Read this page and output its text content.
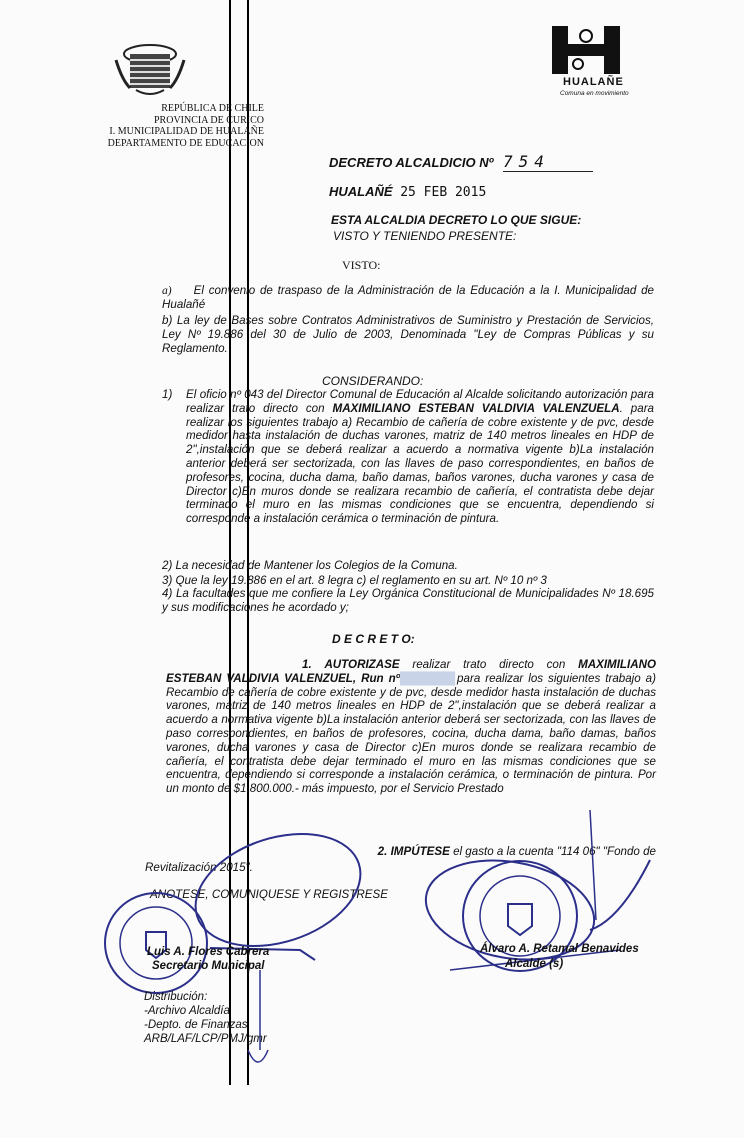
HUALAÑE
Comuna en movimiento
REPÚBLICA DE CHILE
PROVINCIA DE CURICO
I. MUNICIPALIDAD DE HUALAÑE
DEPARTAMENTO DE EDUCACION
DECRETO ALCALDICIO Nº 754
HUALAÑÉ 25 FEB 2015
ESTA ALCALDIA DECRETO LO QUE SIGUE:
VISTO Y TENIENDO PRESENTE:
VISTO:
a) El convenio de traspaso de la Administración de la Educación a la I. Municipalidad de Hualañé
b) La ley de Bases sobre Contratos Administrativos de Suministro y Prestación de Servicios, Ley Nº 19.886 del 30 de Julio de 2003, Denominada "Ley de Compras Públicas y su Reglamento.
CONSIDERANDO:
1) El oficio nº 043 del Director Comunal de Educación al Alcalde solicitando autorización para realizar trato directo con MAXIMILIANO ESTEBAN VALDIVIA VALENZUELA. para realizar los siguientes trabajo a) Recambio de cañería de cobre existente y de pvc, desde medidor hasta instalación de duchas varones, matriz de 140 metros lineales en HDP de 2",instalación que se deberá realizar a acuerdo a normativa vigente b)La instalación anterior deberá ser sectorizada, con las llaves de paso correspondientes, en baños de profesores, cocina, ducha dama, baño damas, baños varones, ducha varones y casa de Director c)En muros donde se realizara recambio de cañería, el contratista debe dejar terminado el muro en las mismas condiciones que se encuentra, dependiendo si corresponde a instalación cerámica o terminación de pintura.
2) La necesidad de Mantener los Colegios de la Comuna.
3) Que la ley 19.886 en el art. 8 legra c) el reglamento en su art. Nº 10 nº 3
4) La facultades que me confiere la Ley Orgánica Constitucional de Municipalidades Nº 18.695 y sus modificaciones he acordado y;
D E C R E T O:
1. AUTORIZASE realizar trato directo con MAXIMILIANO ESTEBAN VALDIVIA VALENZUEL, Run nº██████████ para realizar los siguientes trabajo a) Recambio de cañería de cobre existente y de pvc, desde medidor hasta instalación de duchas varones, matriz de 140 metros lineales en HDP de 2",instalación que se deberá realizar a acuerdo a normativa vigente b)La instalación anterior deberá ser sectorizada, con las llaves de paso correspondientes, en baños de profesores, cocina, ducha dama, baño damas, baños varones, ducha varones y casa de Director c)En muros donde se realizara recambio de cañería, el contratista debe dejar terminado el muro en las mismas condiciones que se encuentra, dependiendo si corresponde a instalación cerámica, o terminación de pintura. Por un monto de $1.800.000.- más impuesto, por el Servicio Prestado
2. IMPÚTESE el gasto a la cuenta "114 06" "Fondo de
Revitalización 2015".
ANOTESE, COMUNIQUESE Y REGISTRESE
Luis A. Flores Cabrera
Secretario Municipal
Álvaro A. Retamal Benavides
Alcalde (s)
Distribución:
-Archivo Alcaldía
-Depto. de Finanzas
ARB/LAF/LCP/PMJ/gmr
